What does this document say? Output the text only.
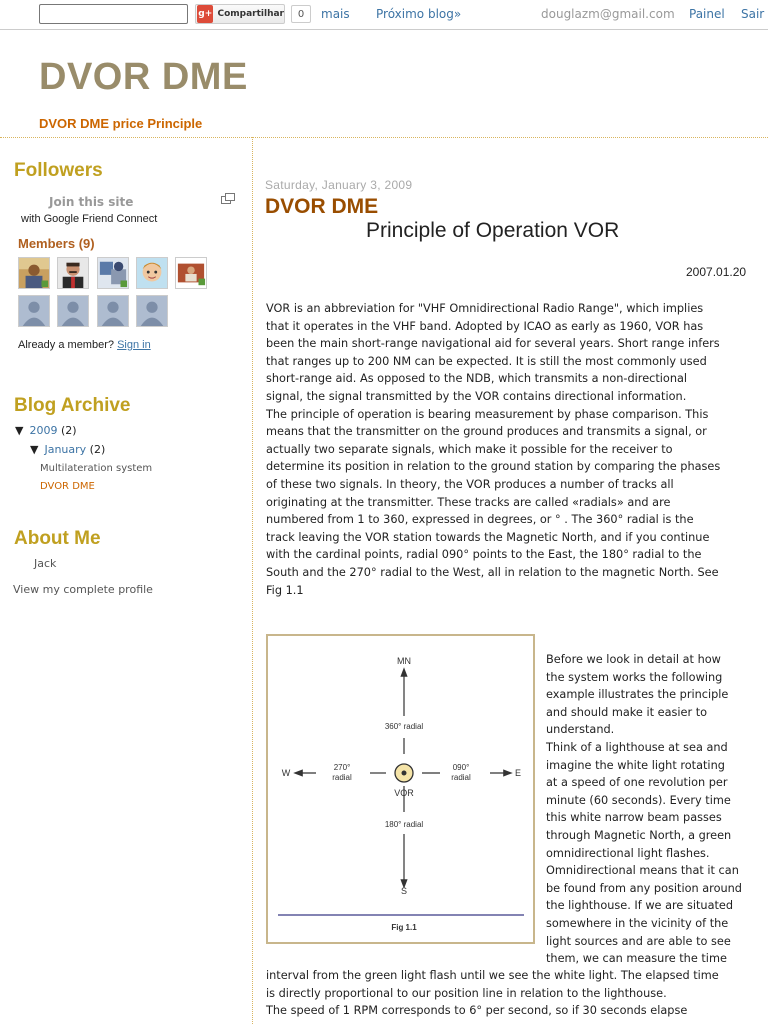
g+ Compartilhar	0	mais Próximo blog»	douglazm@gmail.com Painel Sair
DVOR DME
DVOR DME price Principle
Followers
Join this site
with Google Friend Connect
Members (9)
Already a member? Sign in
Blog Archive
▼ 2009 (2)
▼ January (2)
Multilateration system
DVOR DME
About Me
Jack
View my complete profile
Saturday, January 3, 2009
DVOR DME
Principle of Operation VOR
2007.01.20
VOR is an abbreviation for "VHF Omnidirectional Radio Range", which implies
that it operates in the VHF band. Adopted by ICAO as early as 1960, VOR has
been the main short-range navigational aid for several years. Short range infers
that ranges up to 200 NM can be expected. It is still the most commonly used
short-range aid. As opposed to the NDB, which transmits a non-directional
signal, the signal transmitted by the VOR contains directional information.
The principle of operation is bearing measurement by phase comparison. This
means that the transmitter on the ground produces and transmits a signal, or
actually two separate signals, which make it possible for the receiver to
determine its position in relation to the ground station by comparing the phases
of these two signals. In theory, the VOR produces a number of tracks all
originating at the transmitter. These tracks are called «radials» and are
numbered from 1 to 360, expressed in degrees, or ° . The 360° radial is the
track leaving the VOR station towards the Magnetic North, and if you continue
with the cardinal points, radial 090° points to the East, the 180° radial to the
South and the 270° radial to the West, all in relation to the magnetic North. See
Fig 1.1
MN
360° radial
270°
radial
090°
radial
W	E
VOR
180° radial
S
Fig 1.1
Before we look in detail at how
the system works the following
example illustrates the principle
and should make it easier to
understand.
Think of a lighthouse at sea and
imagine the white light rotating
at a speed of one revolution per
minute (60 seconds). Every time
this white narrow beam passes
through Magnetic North, a green
omnidirectional light flashes.
Omnidirectional means that it can
be found from any position around
the lighthouse. If we are situated
somewhere in the vicinity of the
light sources and are able to see
them, we can measure the time
interval from the green light flash until we see the white light. The elapsed time
is directly proportional to our position line in relation to the lighthouse.
The speed of 1 RPM corresponds to 6° per second, so if 30 seconds elapse
